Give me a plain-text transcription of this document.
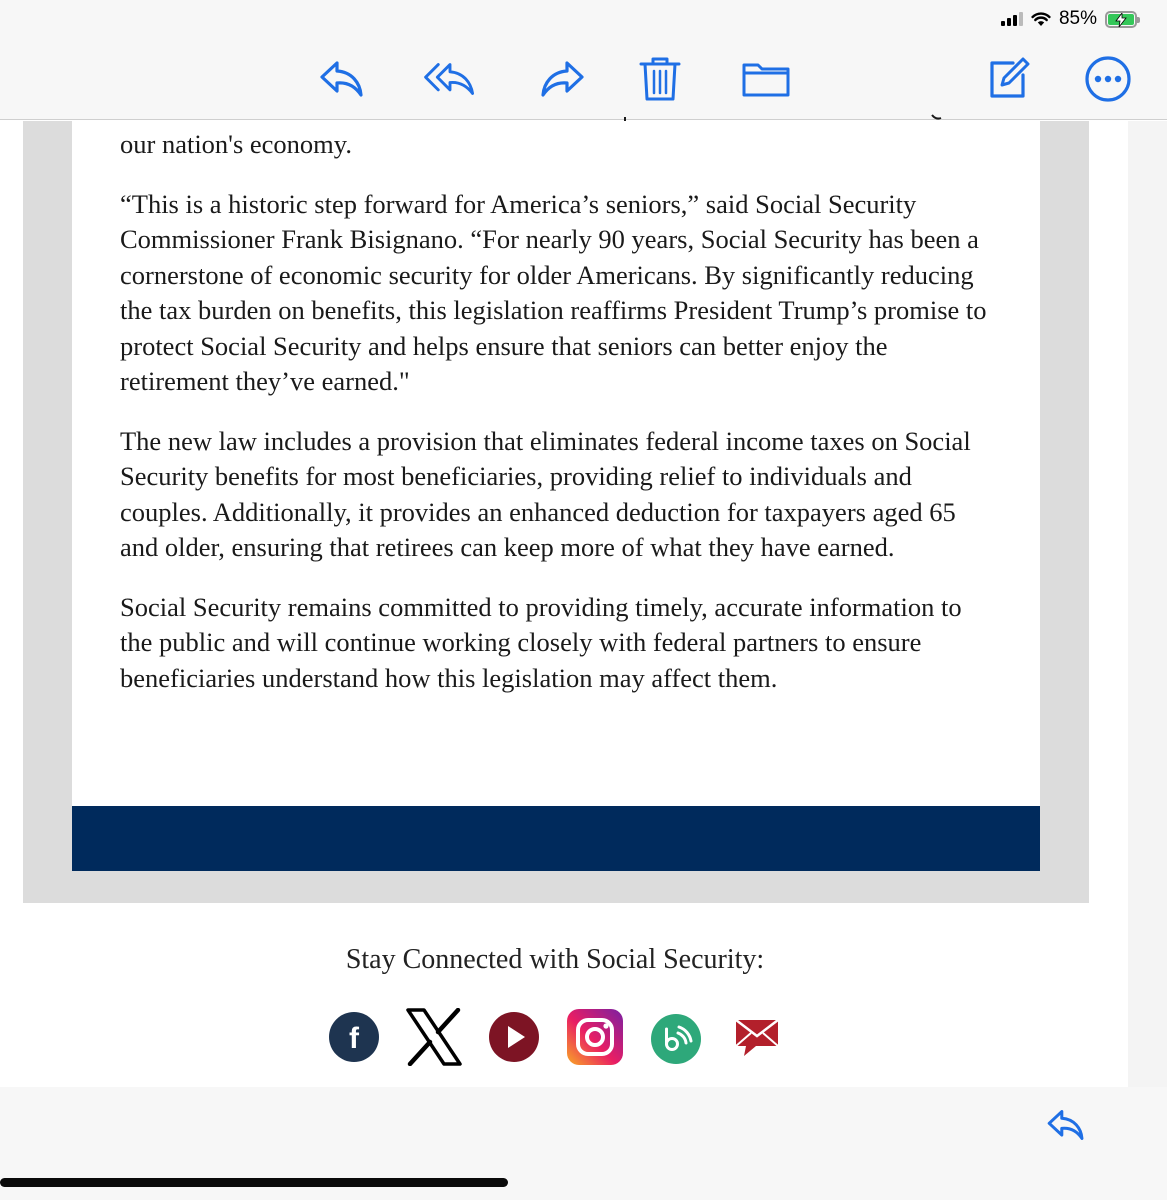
85%

our nation's economy.

“This is a historic step forward for America’s seniors,” said Social Security Commissioner Frank Bisignano. “For nearly 90 years, Social Security has been a cornerstone of economic security for older Americans. By significantly reducing the tax burden on benefits, this legislation reaffirms President Trump’s promise to protect Social Security and helps ensure that seniors can better enjoy the retirement they’ve earned."

The new law includes a provision that eliminates federal income taxes on Social Security benefits for most beneficiaries, providing relief to individuals and couples. Additionally, it provides an enhanced deduction for taxpayers aged 65 and older, ensuring that retirees can keep more of what they have earned.

Social Security remains committed to providing timely, accurate information to the public and will continue working closely with federal partners to ensure beneficiaries understand how this legislation may affect them.

Stay Connected with Social Security:
f
